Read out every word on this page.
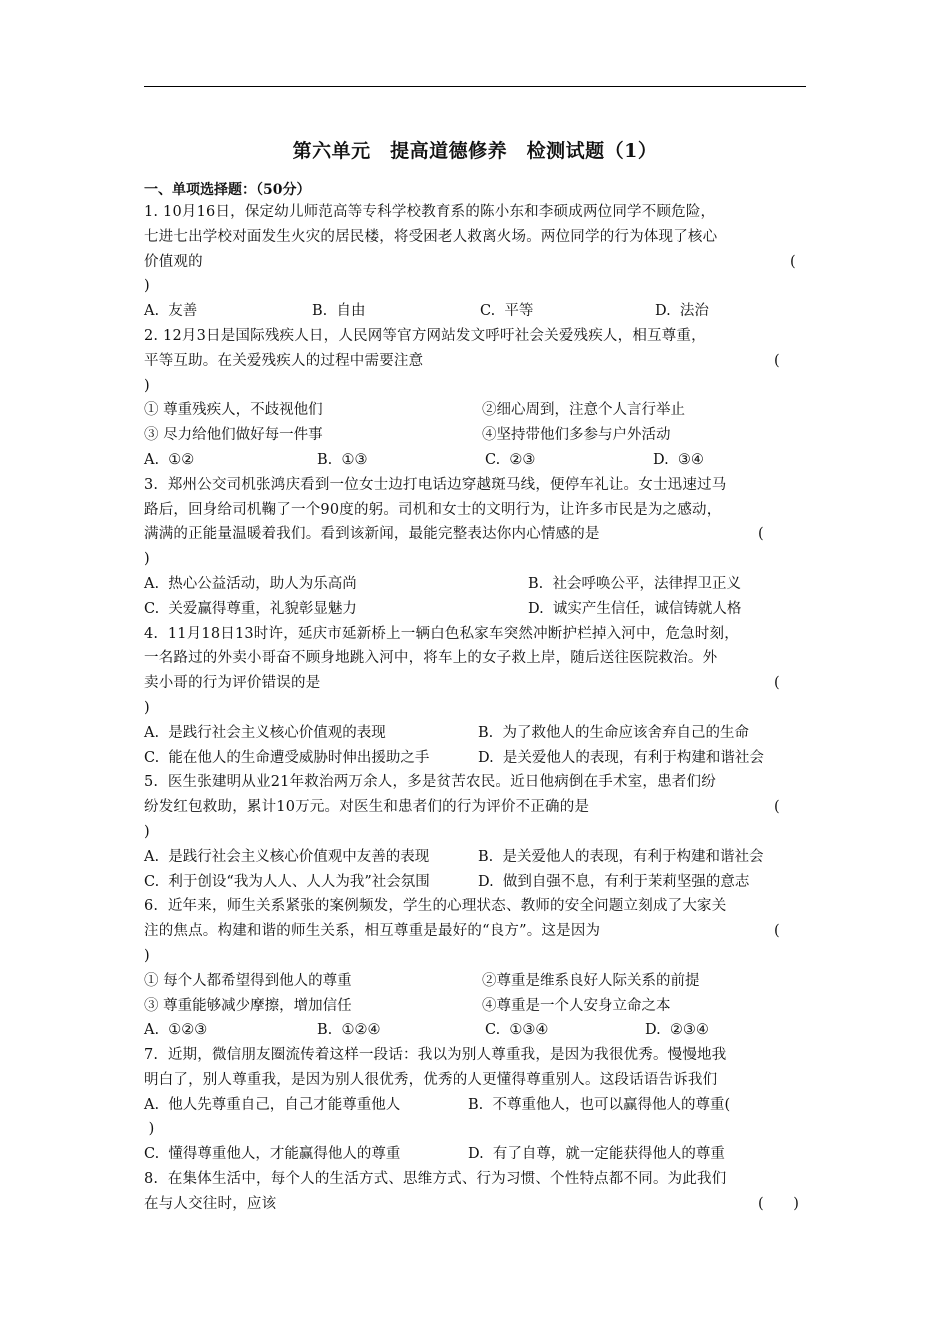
第六单元　提高道德修养　检测试题（1）
一、单项选择题：（50分）
1. 10月16日，保定幼儿师范高等专科学校教育系的陈小东和李硕成两位同学不顾危险，
七进七出学校对面发生火灾的居民楼，将受困老人救离火场。两位同学的行为体现了核心
价值观的	(
)
A.  友善	B.  自由	C.  平等	D.  法治
2. 12月3日是国际残疾人日，人民网等官方网站发文呼吁社会关爱残疾人，相互尊重，
平等互助。在关爱残疾人的过程中需要注意	(
)
① 尊重残疾人，不歧视他们	②细心周到，注意个人言行举止
③ 尽力给他们做好每一件事	④坚持带他们多参与户外活动
A.  ①②	B.  ①③	C.  ②③	D.  ③④
3.  郑州公交司机张鸿庆看到一位女士边打电话边穿越斑马线，便停车礼让。女士迅速过马
路后，回身给司机鞠了一个90度的躬。司机和女士的文明行为，让许多市民是为之感动，
满满的正能量温暖着我们。看到该新闻，最能完整表达你内心情感的是	(
)
A.  热心公益活动，助人为乐高尚	B.  社会呼唤公平，法律捍卫正义
C.  关爱赢得尊重，礼貌彰显魅力	D.  诚实产生信任，诚信铸就人格
4.  11月18日13时许，延庆市延新桥上一辆白色私家车突然冲断护栏掉入河中，危急时刻，
一名路过的外卖小哥奋不顾身地跳入河中，将车上的女子救上岸，随后送往医院救治。外
卖小哥的行为评价错误的是	(
)
A.  是践行社会主义核心价值观的表现	B.  为了救他人的生命应该舍弃自己的生命
C.  能在他人的生命遭受威胁时伸出援助之手	D.  是关爱他人的表现，有利于构建和谐社会
5.  医生张建明从业21年救治两万余人，多是贫苦农民。近日他病倒在手术室，患者们纷
纷发红包救助，累计10万元。对医生和患者们的行为评价不正确的是	(
)
A.  是践行社会主义核心价值观中友善的表现	B.  是关爱他人的表现，有利于构建和谐社会
C.  利于创设“我为人人、人人为我”社会氛围	D.  做到自强不息，有利于茉莉坚强的意志
6.  近年来，师生关系紧张的案例频发，学生的心理状态、教师的安全问题立刻成了大家关
注的焦点。构建和谐的师生关系，相互尊重是最好的“良方”。这是因为	(
)
① 每个人都希望得到他人的尊重	②尊重是维系良好人际关系的前提
③ 尊重能够减少摩擦，增加信任	④尊重是一个人安身立命之本
A.  ①②③	B.  ①②④	C.  ①③④	D.  ②③④
7.  近期，微信朋友圈流传着这样一段话：我以为别人尊重我，是因为我很优秀。慢慢地我
明白了，别人尊重我，是因为别人很优秀，优秀的人更懂得尊重别人。这段话语告诉我们
A.  他人先尊重自己，自己才能尊重他人	B.  不尊重他人，也可以赢得他人的尊重(
)
C.  懂得尊重他人，才能赢得他人的尊重	D.  有了自尊，就一定能获得他人的尊重
8.  在集体生活中，每个人的生活方式、思维方式、行为习惯、个性特点都不同。为此我们
在与人交往时，应该	(　　)
